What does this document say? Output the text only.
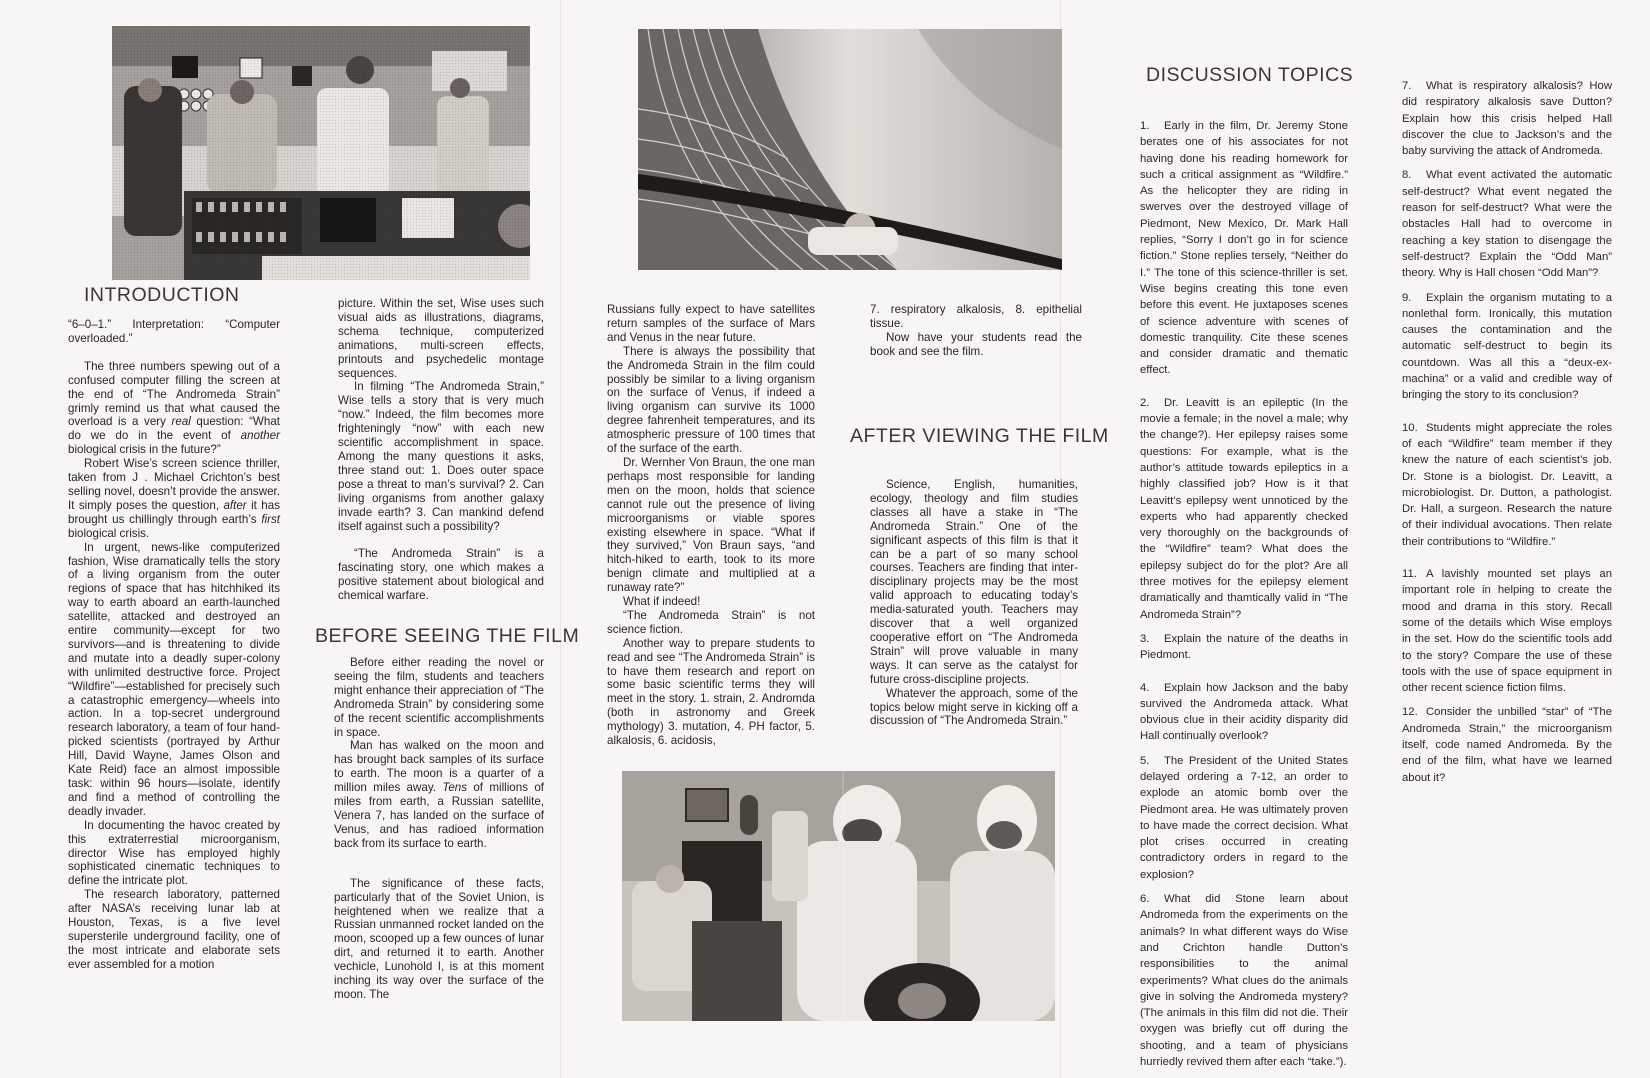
INTRODUCTION
BEFORE SEEING THE FILM
AFTER VIEWING THE FILM
DISCUSSION TOPICS

“6–0–1.” Interpretation: “Computer overloaded.”

The three numbers spewing out of a confused computer filling the screen at the end of “The Andromeda Strain” grimly remind us that what caused the overload is a very real question: “What do we do in the event of another biological crisis in the future?”

Robert Wise’s screen science thriller, taken from J . Michael Crichton’s best selling novel, doesn’t provide the answer. It simply poses the question, after it has brought us chillingly through earth’s first biological crisis.

In urgent, news-like computerized fashion, Wise dramatically tells the story of a living organism from the outer regions of space that has hitchhiked its way to earth aboard an earth-launched satellite, attacked and destroyed an entire community—except for two survivors—and is threatening to divide and mutate into a deadly super-colony with unlimited destructive force. Project “Wildfire”—established for precisely such a catastrophic emergency—wheels into action. In a top-secret underground research laboratory, a team of four hand-picked scientists (portrayed by Arthur Hill, David Wayne, James Olson and Kate Reid) face an almost impossible task: within 96 hours—isolate, identify and find a method of controlling the deadly invader.

In documenting the havoc created by this extraterrestial microorganism, director Wise has employed highly sophisticated cinematic techniques to define the intricate plot.

The research laboratory, patterned after NASA’s receiving lunar lab at Houston, Texas, is a five level supersterile underground facility, one of the most intricate and elaborate sets ever assembled for a motion

picture. Within the set, Wise uses such visual aids as illustrations, diagrams, schema technique, computerized animations, multi-screen effects, printouts and psychedelic montage sequences.

In filming “The Andromeda Strain,” Wise tells a story that is very much “now.” Indeed, the film becomes more frighteningly “now” with each new scientific accomplishment in space. Among the many questions it asks, three stand out: 1. Does outer space pose a threat to man’s survival? 2. Can living organisms from another galaxy invade earth? 3. Can mankind defend itself against such a possibility?

“The Andromeda Strain” is a fascinating story, one which makes a positive statement about biological and chemical warfare.

Before either reading the novel or seeing the film, students and teachers might enhance their appreciation of “The Andromeda Strain” by considering some of the recent scientific accomplishments in space.

Man has walked on the moon and has brought back samples of its surface to earth. The moon is a quarter of a million miles away. Tens of millions of miles from earth, a Russian satellite, Venera 7, has landed on the surface of Venus, and has radioed information back from its surface to earth.

The significance of these facts, particularly that of the Soviet Union, is heightened when we realize that a Russian unmanned rocket landed on the moon, scooped up a few ounces of lunar dirt, and returned it to earth. Another vechicle, Lunohold I, is at this moment inching its way over the surface of the moon. The

Russians fully expect to have satellites return samples of the surface of Mars and Venus in the near future.

There is always the possibility that the Andromeda Strain in the film could possibly be similar to a living organism on the surface of Venus, if indeed a living organism can survive its 1000 degree fahrenheit temperatures, and its atmospheric pressure of 100 times that of the surface of the earth.

Dr. Wernher Von Braun, the one man perhaps most responsible for landing men on the moon, holds that science cannot rule out the presence of living microorganisms or viable spores existing elsewhere in space. “What if they survived,” Von Braun says, “and hitch-hiked to earth, took to its more benign climate and multiplied at a runaway rate?”

What if indeed!

“The Andromeda Strain” is not science fiction.

Another way to prepare students to read and see “The Andromeda Strain” is to have them research and report on some basic scientific terms they will meet in the story. 1. strain, 2. Andromda (both in astronomy and Greek mythology) 3. mutation, 4. PH factor, 5. alkalosis, 6. acidosis,

7. respiratory alkalosis, 8. epithelial tissue.

Now have your students read the book and see the film.

Science, English, humanities, ecology, theology and film studies classes all have a stake in “The Andromeda Strain.” One of the significant aspects of this film is that it can be a part of so many school courses. Teachers are finding that inter-disciplinary projects may be the most valid approach to educating today’s media-saturated youth. Teachers may discover that a well organized cooperative effort on “The Andromeda Strain” will prove valuable in many ways. It can serve as the catalyst for future cross-discipline projects.

Whatever the approach, some of the topics below might serve in kicking off a discussion of “The Andromeda Strain.”

1. Early in the film, Dr. Jeremy Stone berates one of his associates for not having done his reading homework for such a critical assignment as “Wildfire.” As the helicopter they are riding in swerves over the destroyed village of Piedmont, New Mexico, Dr. Mark Hall replies, “Sorry I don’t go in for science fiction.” Stone replies tersely, “Neither do I.” The tone of this science-thriller is set. Wise begins creating this tone even before this event. He juxtaposes scenes of science adventure with scenes of domestic tranquility. Cite these scenes and consider dramatic and thematic effect.

2. Dr. Leavitt is an epileptic (In the movie a female; in the novel a male; why the change?). Her epilepsy raises some questions: For example, what is the author’s attitude towards epileptics in a highly classified job? How is it that Leavitt’s epilepsy went unnoticed by the experts who had apparently checked very thoroughly on the backgrounds of the “Wildfire” team? What does the epilepsy subject do for the plot? Are all three motives for the epilepsy element dramatically and thamtically valid in “The Andromeda Strain”?

3. Explain the nature of the deaths in Piedmont.

4. Explain how Jackson and the baby survived the Andromeda attack. What obvious clue in their acidity disparity did Hall continually overlook?

5. The President of the United States delayed ordering a 7-12, an order to explode an atomic bomb over the Piedmont area. He was ultimately proven to have made the correct decision. What plot crises occurred in creating contradictory orders in regard to the explosion?

6. What did Stone learn about Andromeda from the experiments on the animals? In what different ways do Wise and Crichton handle Dutton’s responsibilities to the animal experiments? What clues do the animals give in solving the Andromeda mystery? (The animals in this film did not die. Their oxygen was briefly cut off during the shooting, and a team of physicians hurriedly revived them after each “take.”).

7. What is respiratory alkalosis? How did respiratory alkalosis save Dutton? Explain how this crisis helped Hall discover the clue to Jackson’s and the baby surviving the attack of Andromeda.

8. What event activated the automatic self-destruct? What event negated the reason for self-destruct? What were the obstacles Hall had to overcome in reaching a key station to disengage the self-destruct? Explain the “Odd Man” theory. Why is Hall chosen “Odd Man”?

9. Explain the organism mutating to a nonlethal form. Ironically, this mutation causes the contamination and the automatic self-destruct to begin its countdown. Was all this a “deux-ex-machina” or a valid and credible way of bringing the story to its conclusion?

10. Students might appreciate the roles of each “Wildfire” team member if they knew the nature of each scientist’s job. Dr. Stone is a biologist. Dr. Leavitt, a microbiologist. Dr. Dutton, a pathologist. Dr. Hall, a surgeon. Research the nature of their individual avocations. Then relate their contributions to “Wildfire.”

11. A lavishly mounted set plays an important role in helping to create the mood and drama in this story. Recall some of the details which Wise employs in the set. How do the scientific tools add to the story? Compare the use of these tools with the use of space equipment in other recent science fiction films.

12. Consider the unbilled “star” of “The Andromeda Strain,” the microorganism itself, code named Andromeda. By the end of the film, what have we learned about it?
